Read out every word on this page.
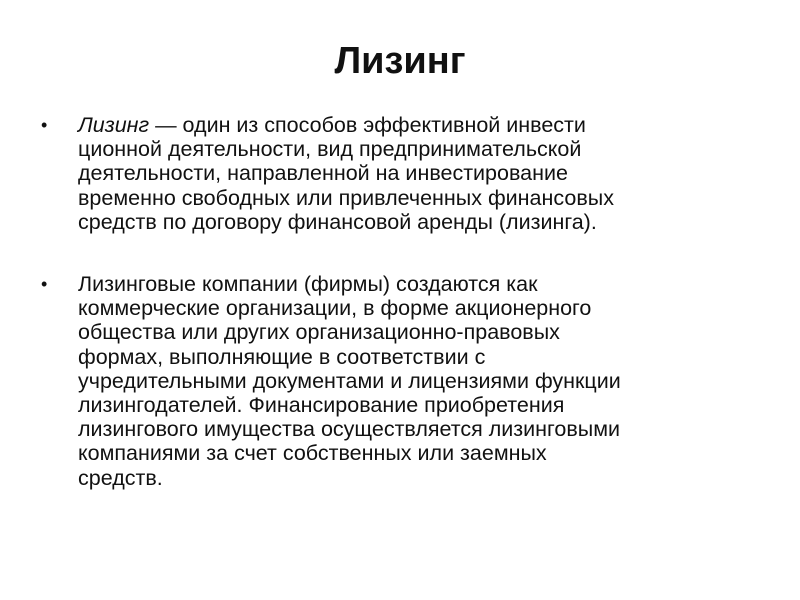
Лизинг
• Лизинг — один из способов эффективной инвести
ционной деятельности, вид предпринимательской
деятельности, направленной на инвестирование
временно свободных или привлеченных финансовых
средств по договору финансовой аренды (лизинга).
• Лизинговые компании (фирмы) создаются как
коммерческие организации, в форме акционерного
общества или других организационно-правовых
формах, выполняющие в соответствии с
учредительными документами и лицензиями функции
лизингодателей. Финансирование приобретения
лизингового имущества осуществляется лизинговыми
компаниями за счет собственных или заемных
средств.
